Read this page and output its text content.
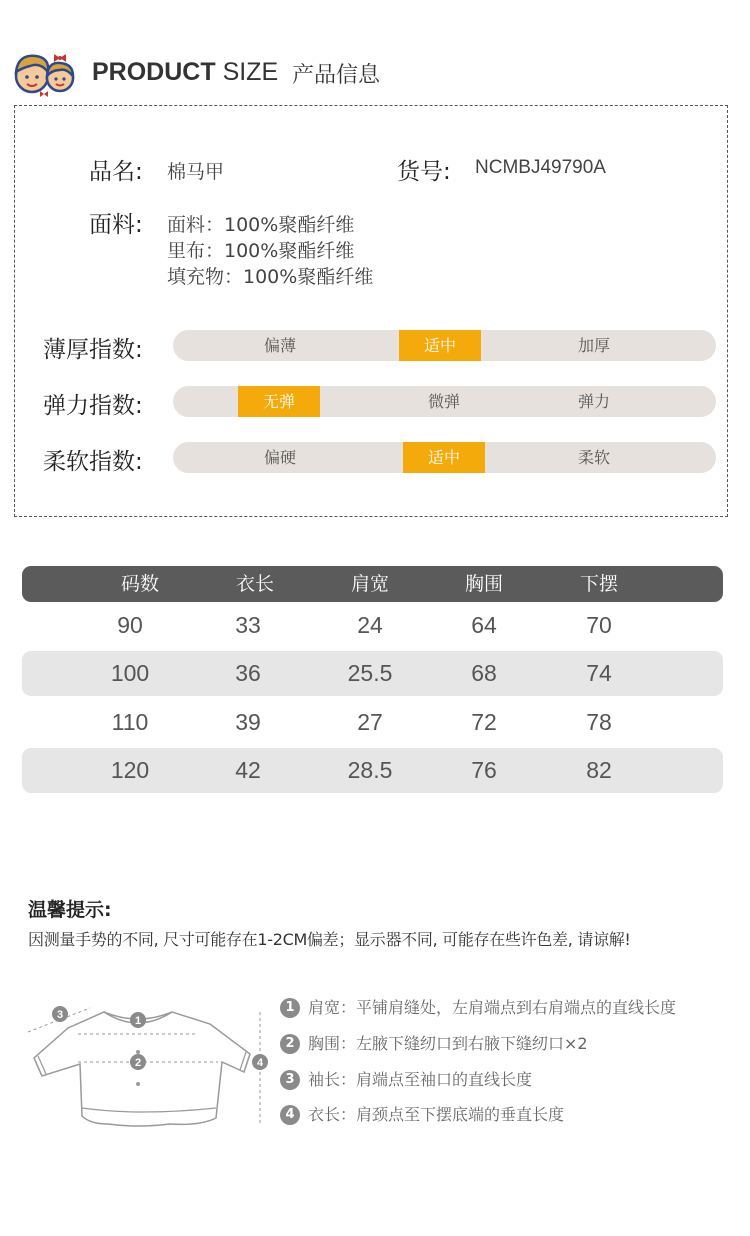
PRODUCT SIZE 产品信息
品名: 棉马甲	货号: NCMBJ49790A
面料: 面料：100%聚酯纤维
里布：100%聚酯纤维
填充物：100%聚酯纤维
薄厚指数:	偏薄	适中	加厚
弹力指数:	无弹	微弹	弹力
柔软指数:	偏硬	适中	柔软
码数	衣长	肩宽	胸围	下摆
90	33	24	64	70
100	36	25.5	68	74
110	39	27	72	78
120	42	28.5	76	82
温馨提示:
因测量手势的不同, 尺寸可能存在1-2CM偏差；显示器不同, 可能存在些许色差, 请谅解!
3	1
2	4
1 肩宽：平铺肩缝处，左肩端点到右肩端点的直线长度
2 胸围：左腋下缝纫口到右腋下缝纫口×2
3 袖长：肩端点至袖口的直线长度
4 衣长：肩颈点至下摆底端的垂直长度
